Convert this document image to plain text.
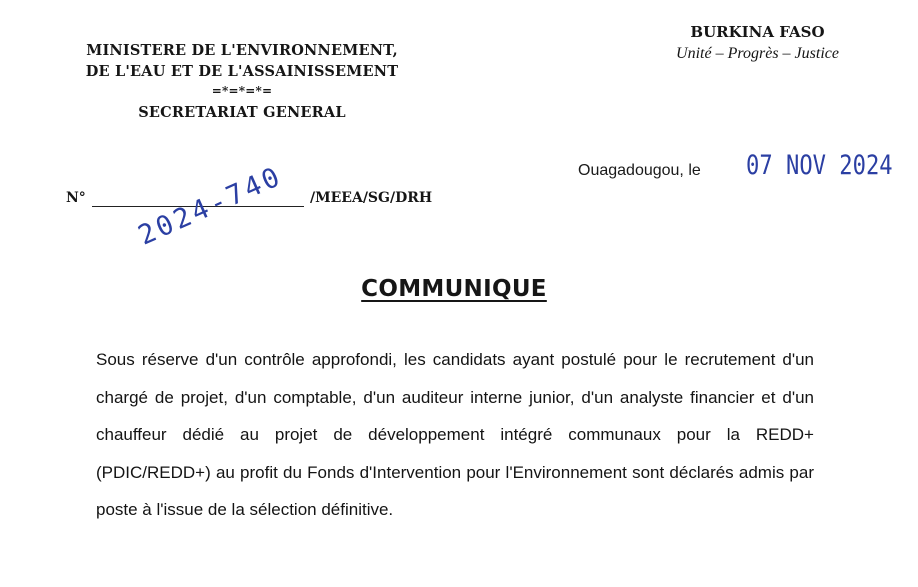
MINISTERE DE L'ENVIRONNEMENT,
DE L'EAU ET DE L'ASSAINISSEMENT
=*=*=*=
SECRETARIAT GENERAL
BURKINA FASO
Unité – Progrès – Justice
Ouagadougou, le 07 NOV 2024
N°	/MEEA/SG/DRH
2024-740
COMMUNIQUE
Sous réserve d'un contrôle approfondi, les candidats ayant postulé pour le recrutement d'un chargé de projet, d'un comptable, d'un auditeur interne junior, d'un analyste financier et d'un chauffeur dédié au projet de développement intégré communaux pour la REDD+ (PDIC/REDD+) au profit du Fonds d'Intervention pour l'Environnement sont déclarés admis par poste à l'issue de la sélection définitive.
